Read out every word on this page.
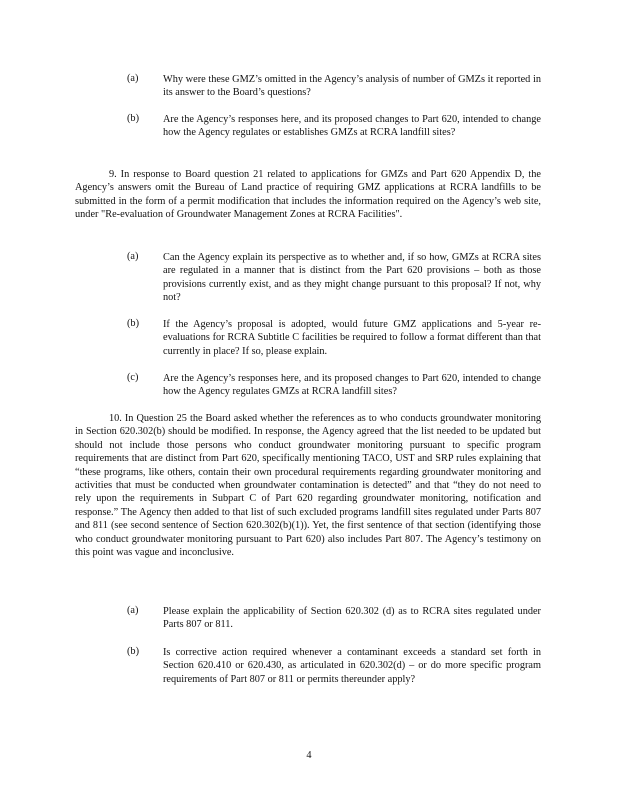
(a) Why were these GMZ’s omitted in the Agency’s analysis of number of GMZs it reported in its answer to the Board’s questions?
(b) Are the Agency’s responses here, and its proposed changes to Part 620, intended to change how the Agency regulates or establishes GMZs at RCRA landfill sites?
9. In response to Board question 21 related to applications for GMZs and Part 620 Appendix D, the Agency’s answers omit the Bureau of Land practice of requiring GMZ applications at RCRA landfills to be submitted in the form of a permit modification that includes the information required on the Agency’s web site, under "Re-evaluation of Groundwater Management Zones at RCRA Facilities".
(a) Can the Agency explain its perspective as to whether and, if so how, GMZs at RCRA sites are regulated in a manner that is distinct from the Part 620 provisions – both as those provisions currently exist, and as they might change pursuant to this proposal? If not, why not?
(b) If the Agency’s proposal is adopted, would future GMZ applications and 5-year re-evaluations for RCRA Subtitle C facilities be required to follow a format different than that currently in place? If so, please explain.
(c) Are the Agency’s responses here, and its proposed changes to Part 620, intended to change how the Agency regulates GMZs at RCRA landfill sites?
10. In Question 25 the Board asked whether the references as to who conducts groundwater monitoring in Section 620.302(b) should be modified. In response, the Agency agreed that the list needed to be updated but should not include those persons who conduct groundwater monitoring pursuant to specific program requirements that are distinct from Part 620, specifically mentioning TACO, UST and SRP rules explaining that “these programs, like others, contain their own procedural requirements regarding groundwater monitoring and activities that must be conducted when groundwater contamination is detected” and that “they do not need to rely upon the requirements in Subpart C of Part 620 regarding groundwater monitoring, notification and response.” The Agency then added to that list of such excluded programs landfill sites regulated under Parts 807 and 811 (see second sentence of Section 620.302(b)(1)). Yet, the first sentence of that section (identifying those who conduct groundwater monitoring pursuant to Part 620) also includes Part 807. The Agency’s testimony on this point was vague and inconclusive.
(a) Please explain the applicability of Section 620.302 (d) as to RCRA sites regulated under Parts 807 or 811.
(b) Is corrective action required whenever a contaminant exceeds a standard set forth in Section 620.410 or 620.430, as articulated in 620.302(d) – or do more specific program requirements of Part 807 or 811 or permits thereunder apply?
4
